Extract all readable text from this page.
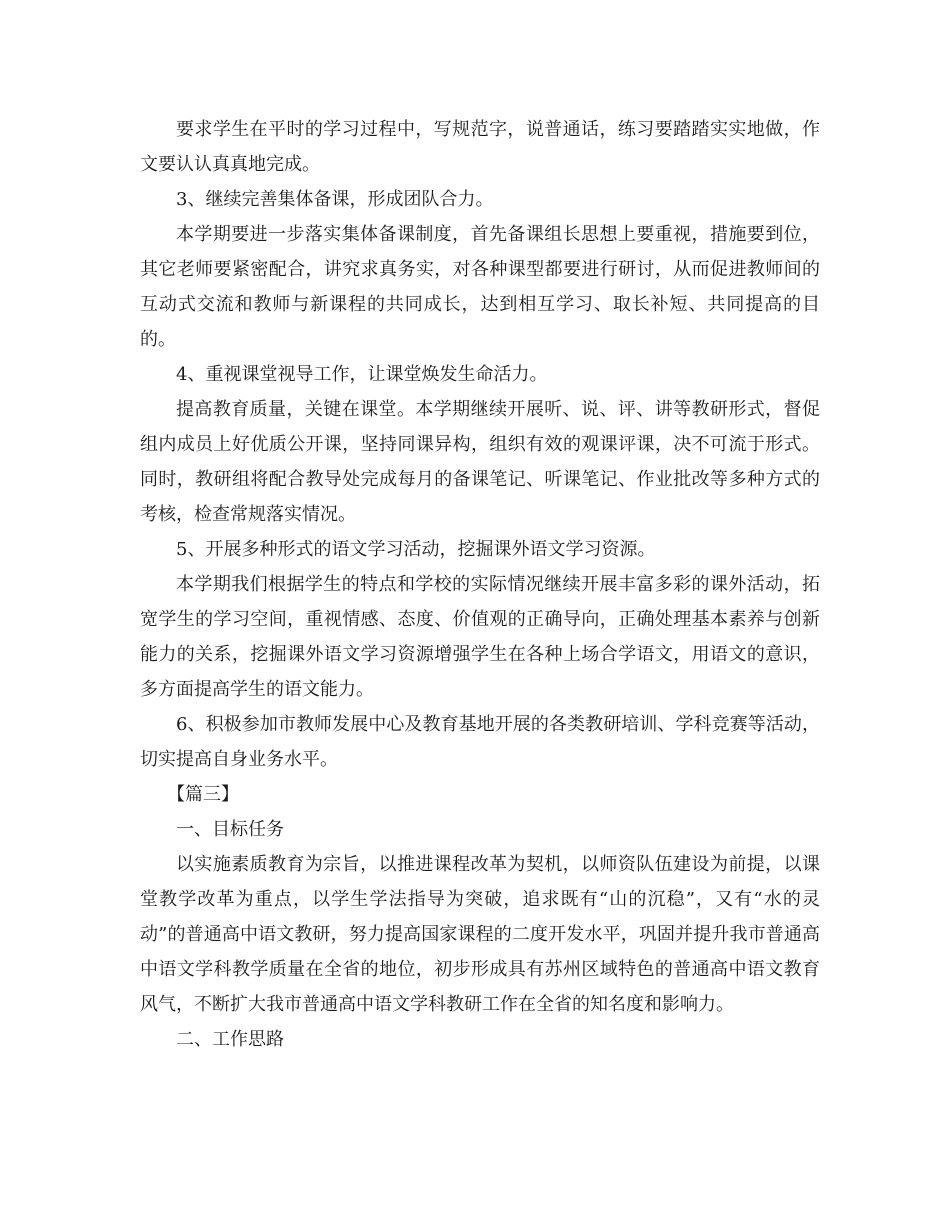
要求学生在平时的学习过程中，写规范字，说普通话，练习要踏踏实实地做，作文要认认真真地完成。

3、继续完善集体备课，形成团队合力。

本学期要进一步落实集体备课制度，首先备课组长思想上要重视，措施要到位，其它老师要紧密配合，讲究求真务实，对各种课型都要进行研讨，从而促进教师间的互动式交流和教师与新课程的共同成长，达到相互学习、取长补短、共同提高的目的。

4、重视课堂视导工作，让课堂焕发生命活力。

提高教育质量，关键在课堂。本学期继续开展听、说、评、讲等教研形式，督促组内成员上好优质公开课，坚持同课异构，组织有效的观课评课，决不可流于形式。同时，教研组将配合教导处完成每月的备课笔记、听课笔记、作业批改等多种方式的考核，检查常规落实情况。

5、开展多种形式的语文学习活动，挖掘课外语文学习资源。

本学期我们根据学生的特点和学校的实际情况继续开展丰富多彩的课外活动，拓宽学生的学习空间，重视情感、态度、价值观的正确导向，正确处理基本素养与创新能力的关系，挖掘课外语文学习资源增强学生在各种上场合学语文，用语文的意识，多方面提高学生的语文能力。

6、积极参加市教师发展中心及教育基地开展的各类教研培训、学科竞赛等活动，切实提高自身业务水平。

【篇三】

一、目标任务

以实施素质教育为宗旨，以推进课程改革为契机，以师资队伍建设为前提，以课堂教学改革为重点，以学生学法指导为突破，追求既有“山的沉稳”，又有“水的灵动”的普通高中语文教研，努力提高国家课程的二度开发水平，巩固并提升我市普通高中语文学科教学质量在全省的地位，初步形成具有苏州区域特色的普通高中语文教育风气，不断扩大我市普通高中语文学科教研工作在全省的知名度和影响力。

二、工作思路
